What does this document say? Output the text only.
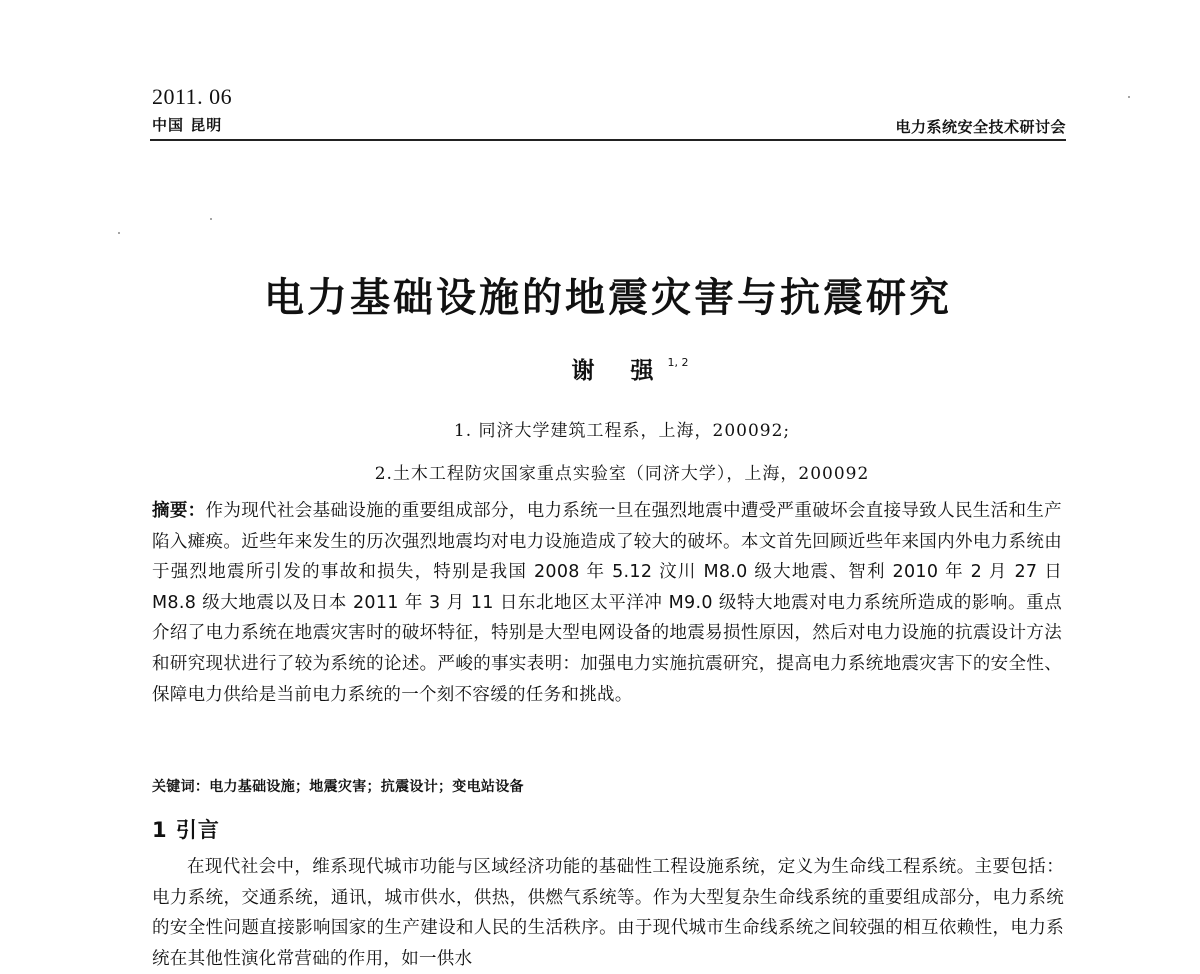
2011. 06
中国 昆明	电力系统安全技术研讨会
电力基础设施的地震灾害与抗震研究
谢 强$^{1, 2}$
1. 同济大学建筑工程系，上海，200092;
2.土木工程防灾国家重点实验室（同济大学），上海，200092
摘要：作为现代社会基础设施的重要组成部分，电力系统一旦在强烈地震中遭受严重破坏会直接导致人民生活和生产陷入瘫痪。近些年来发生的历次强烈地震均对电力设施造成了较大的破坏。本文首先回顾近些年来国内外电力系统由于强烈地震所引发的事故和损失，特别是我国 2008 年 5.12 汶川 M8.0 级大地震、智利 2010 年 2 月 27 日 M8.8 级大地震以及日本 2011 年 3 月 11 日东北地区太平洋冲 M9.0 级特大地震对电力系统所造成的影响。重点介绍了电力系统在地震灾害时的破坏特征，特别是大型电网设备的地震易损性原因，然后对电力设施的抗震设计方法和研究现状进行了较为系统的论述。严峻的事实表明：加强电力实施抗震研究，提高电力系统地震灾害下的安全性、保障电力供给是当前电力系统的一个刻不容缓的任务和挑战。
关键词：电力基础设施；地震灾害；抗震设计；变电站设备
1 引言
在现代社会中，维系现代城市功能与区域经济功能的基础性工程设施系统，定义为生命线工程系统。主要包括：电力系统，交通系统，通讯，城市供水，供热，供燃气系统等。作为大型复杂生命线系统的重要组成部分，电力系统的安全性问题直接影响国家的生产建设和人民的生活秩序。由于现代城市生命线系统之间较强的相互依赖性，电力系统在其他性演化常营础的作用，如一供水
